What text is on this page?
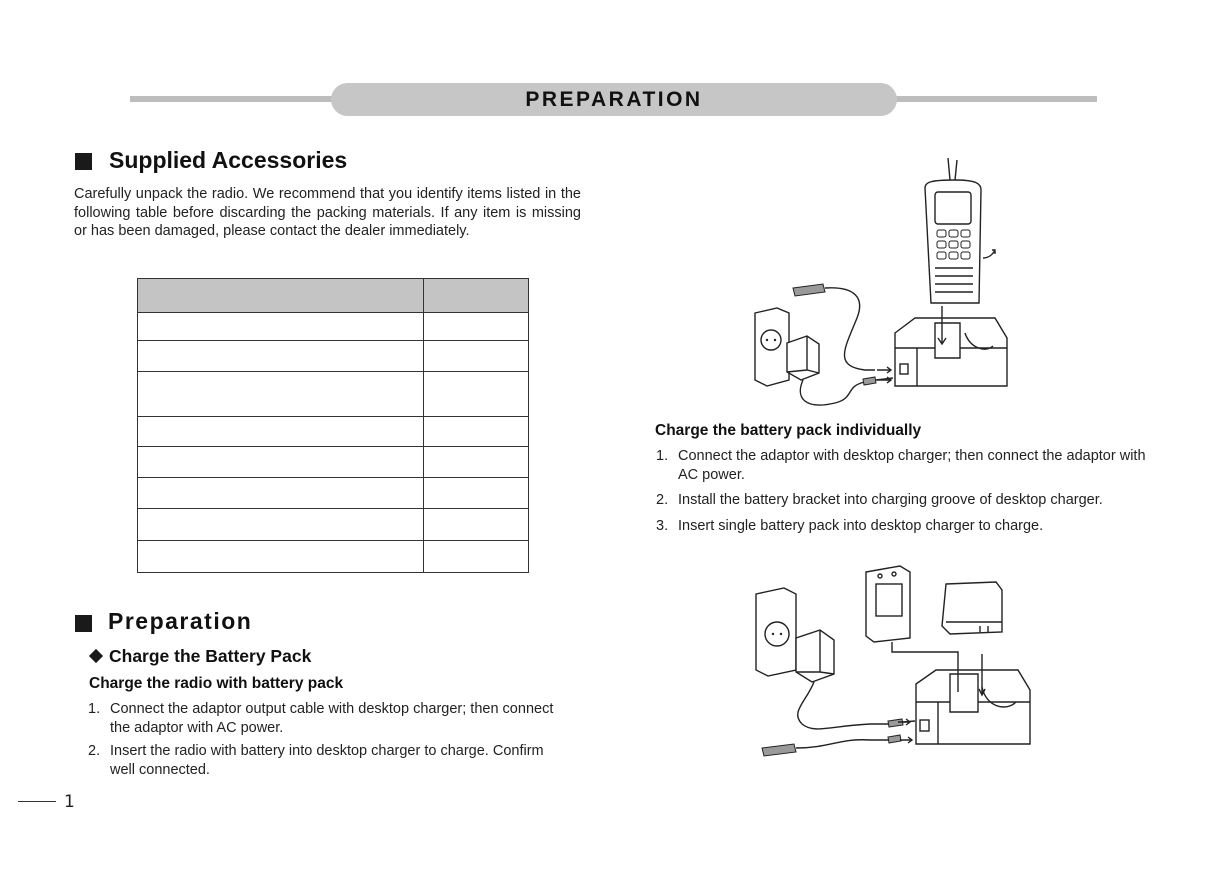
PREPARATION
Supplied Accessories
Carefully unpack the radio. We recommend that you identify items listed in the following table before discarding the packing materials. If any item is missing or has been damaged, please contact the dealer immediately.

Preparation
Charge the Battery Pack
Charge the radio with battery pack
1. Connect the adaptor output cable with desktop charger; then connect the adaptor with AC power.
2. Insert the radio with battery into desktop charger to charge. Confirm well connected.
Charge the battery pack individually
1. Connect the adaptor with desktop charger; then connect the adaptor with AC power.
2. Install the battery bracket into charging groove of desktop charger.
3. Insert single battery pack into desktop charger to charge.
1
